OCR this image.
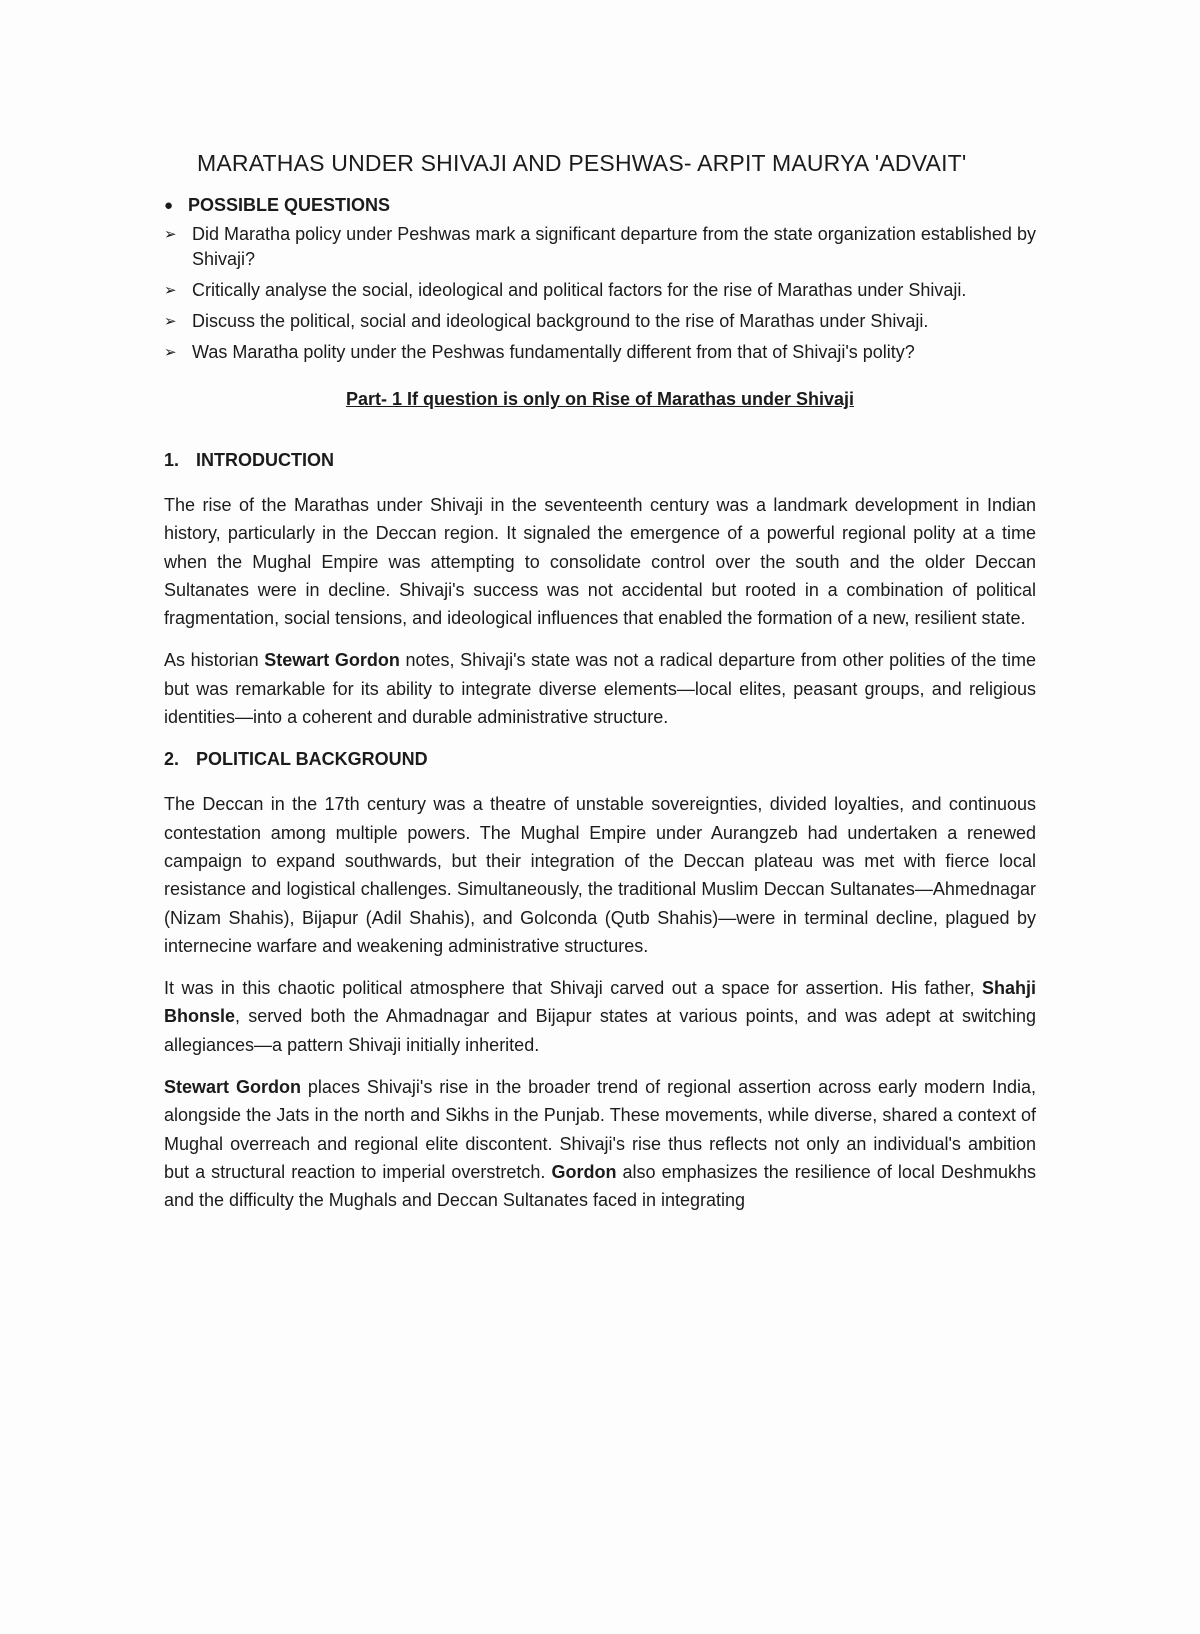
MARATHAS UNDER SHIVAJI AND PESHWAS- ARPIT MAURYA 'ADVAIT'
● POSSIBLE QUESTIONS
➢ Did Maratha policy under Peshwas mark a significant departure from the state organization established by Shivaji?
➢ Critically analyse the social, ideological and political factors for the rise of Marathas under Shivaji.
➢ Discuss the political, social and ideological background to the rise of Marathas under Shivaji.
➢ Was Maratha polity under the Peshwas fundamentally different from that of Shivaji's polity?
Part- 1 If question is only on Rise of Marathas under Shivaji
1. INTRODUCTION

The rise of the Marathas under Shivaji in the seventeenth century was a landmark development in Indian history, particularly in the Deccan region. It signaled the emergence of a powerful regional polity at a time when the Mughal Empire was attempting to consolidate control over the south and the older Deccan Sultanates were in decline. Shivaji's success was not accidental but rooted in a combination of political fragmentation, social tensions, and ideological influences that enabled the formation of a new, resilient state.

As historian Stewart Gordon notes, Shivaji's state was not a radical departure from other polities of the time but was remarkable for its ability to integrate diverse elements—local elites, peasant groups, and religious identities—into a coherent and durable administrative structure.

2. POLITICAL BACKGROUND

The Deccan in the 17th century was a theatre of unstable sovereignties, divided loyalties, and continuous contestation among multiple powers. The Mughal Empire under Aurangzeb had undertaken a renewed campaign to expand southwards, but their integration of the Deccan plateau was met with fierce local resistance and logistical challenges. Simultaneously, the traditional Muslim Deccan Sultanates—Ahmednagar (Nizam Shahis), Bijapur (Adil Shahis), and Golconda (Qutb Shahis)—were in terminal decline, plagued by internecine warfare and weakening administrative structures.

It was in this chaotic political atmosphere that Shivaji carved out a space for assertion. His father, Shahji Bhonsle, served both the Ahmadnagar and Bijapur states at various points, and was adept at switching allegiances—a pattern Shivaji initially inherited.

Stewart Gordon places Shivaji's rise in the broader trend of regional assertion across early modern India, alongside the Jats in the north and Sikhs in the Punjab. These movements, while diverse, shared a context of Mughal overreach and regional elite discontent. Shivaji's rise thus reflects not only an individual's ambition but a structural reaction to imperial overstretch. Gordon also emphasizes the resilience of local Deshmukhs and the difficulty the Mughals and Deccan Sultanates faced in integrating
